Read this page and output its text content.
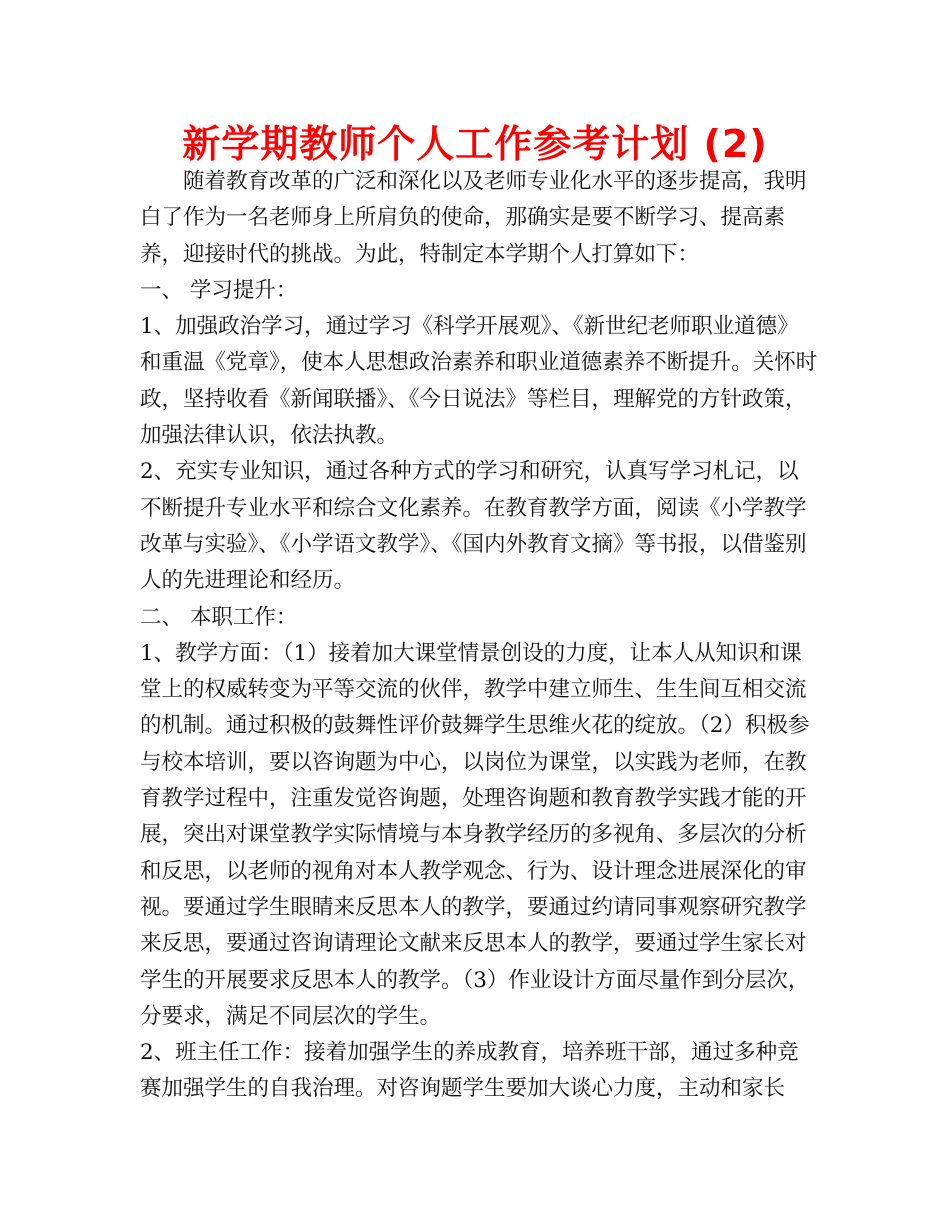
新学期教师个人工作参考计划 (2)

随着教育改革的广泛和深化以及老师专业化水平的逐步提高，我明白了作为一名老师身上所肩负的使命，那确实是要不断学习、提高素养，迎接时代的挑战。为此，特制定本学期个人打算如下：

一、 学习提升：

1、加强政治学习，通过学习《科学开展观》、《新世纪老师职业道德》和重温《党章》，使本人思想政治素养和职业道德素养不断提升。关怀时政，坚持收看《新闻联播》、《今日说法》等栏目，理解党的方针政策，加强法律认识，依法执教。

2、充实专业知识，通过各种方式的学习和研究，认真写学习札记，以不断提升专业水平和综合文化素养。在教育教学方面，阅读《小学教学改革与实验》、《小学语文教学》、《国内外教育文摘》等书报，以借鉴别人的先进理论和经历。

二、 本职工作：

1、教学方面：（1）接着加大课堂情景创设的力度，让本人从知识和课堂上的权威转变为平等交流的伙伴，教学中建立师生、生生间互相交流的机制。通过积极的鼓舞性评价鼓舞学生思维火花的绽放。（2）积极参与校本培训，要以咨询题为中心，以岗位为课堂，以实践为老师，在教育教学过程中，注重发觉咨询题，处理咨询题和教育教学实践才能的开展，突出对课堂教学实际情境与本身教学经历的多视角、多层次的分析和反思，以老师的视角对本人教学观念、行为、设计理念进展深化的审视。要通过学生眼睛来反思本人的教学，要通过约请同事观察研究教学来反思，要通过咨询请理论文献来反思本人的教学，要通过学生家长对学生的开展要求反思本人的教学。（3）作业设计方面尽量作到分层次，分要求，满足不同层次的学生。

2、班主任工作：接着加强学生的养成教育，培养班干部，通过多种竞赛加强学生的自我治理。对咨询题学生要加大谈心力度，主动和家长
